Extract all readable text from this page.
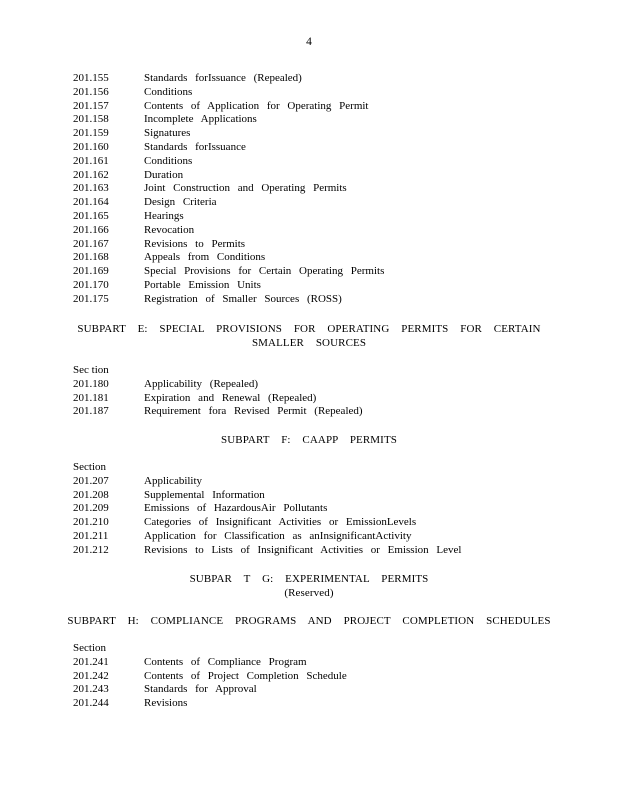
4
201.155	Standards forIssuance (Repealed)
201.156	Conditions
201.157	Contents of Application for Operating Permit
201.158	Incomplete Applications
201.159	Signatures
201.160	Standards forIssuance
201.161	Conditions
201.162	Duration
201.163	Joint Construction and Operating Permits
201.164	Design Criteria
201.165	Hearings
201.166	Revocation
201.167	Revisions to Permits
201.168	Appeals from Conditions
201.169	Special Provisions for Certain Operating Permits
201.170	Portable Emission Units
201.175	Registration of Smaller Sources (ROSS)
SUBPART E: SPECIAL PROVISIONS FOR OPERATING PERMITS FOR CERTAIN
SMALLER SOURCES
Sec tion
201.180	Applicability (Repealed)
201.181	Expiration and Renewal (Repealed)
201.187	Requirement fora Revised Permit (Repealed)
SUBPART F: CAAPP PERMITS
Section
201.207	Applicability
201.208	Supplemental Information
201.209	Emissions of HazardousAir Pollutants
201.210	Categories of Insignificant Activities or EmissionLevels
201.211	Application for Classification as anInsignificantActivity
201.212	Revisions to Lists of Insignificant Activities or Emission Level
SUBPAR T G: EXPERIMENTAL PERMITS
(Reserved)
SUBPART H: COMPLIANCE PROGRAMS AND PROJECT COMPLETION SCHEDULES
Section
201.241	Contents of Compliance Program
201.242	Contents of Project Completion Schedule
201.243	Standards for Approval
201.244	Revisions
